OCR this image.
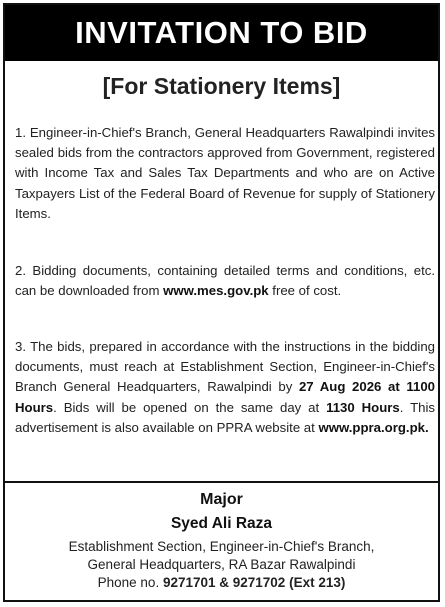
INVITATION TO BID
[For Stationery Items]
1. Engineer-in-Chief's Branch, General Headquarters Rawalpindi invites sealed bids from the contractors approved from Government, registered with Income Tax and Sales Tax Departments and who are on Active Taxpayers List of the Federal Board of Revenue for supply of Stationery Items.
2. Bidding documents, containing detailed terms and conditions, etc. can be downloaded from www.mes.gov.pk free of cost.
3. The bids, prepared in accordance with the instructions in the bidding documents, must reach at Establishment Section, Engineer-in-Chief's Branch General Headquarters, Rawalpindi by 27 Aug 2026 at 1100 Hours. Bids will be opened on the same day at 1130 Hours. This advertisement is also available on PPRA website at www.ppra.org.pk.
Major
Syed Ali Raza
Establishment Section, Engineer-in-Chief's Branch,
General Headquarters, RA Bazar Rawalpindi
Phone no. 9271701 & 9271702 (Ext 213)
